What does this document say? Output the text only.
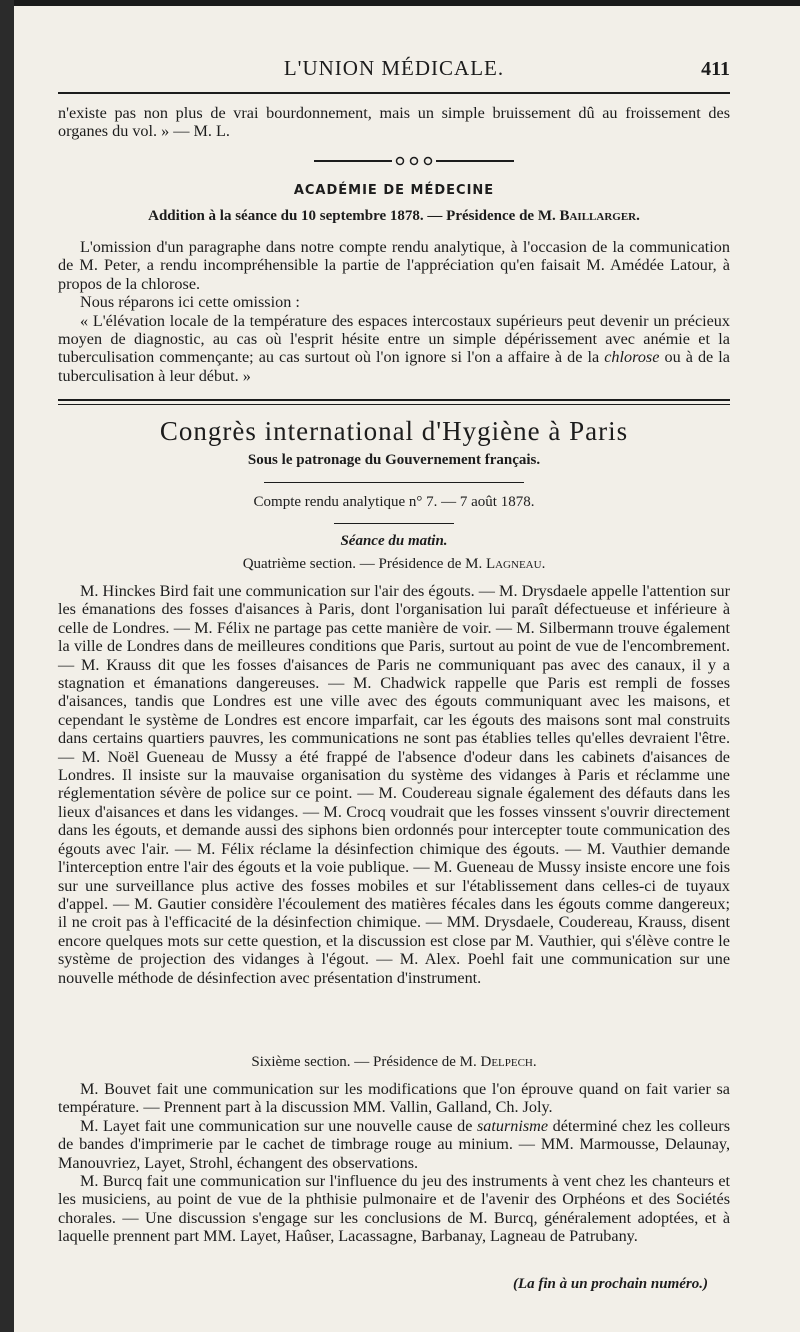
L'UNION MÉDICALE.	411

n'existe pas non plus de vrai bourdonnement, mais un simple bruissement dû au froissement des organes du vol. » — M. L.

ACADÉMIE DE MÉDECINE
Addition à la séance du 10 septembre 1878. — Présidence de M. Baillarger.

L'omission d'un paragraphe dans notre compte rendu analytique, à l'occasion de la communication de M. Peter, a rendu incompréhensible la partie de l'appréciation qu'en faisait M. Amédée Latour, à propos de la chlorose.

Nous réparons ici cette omission :

« L'élévation locale de la température des espaces intercostaux supérieurs peut devenir un précieux moyen de diagnostic, au cas où l'esprit hésite entre un simple dépérissement avec anémie et la tuberculisation commençante; au cas surtout où l'on ignore si l'on a affaire à de la chlorose ou à de la tuberculisation à leur début. »

Congrès international d'Hygiène à Paris
Sous le patronage du Gouvernement français.
Compte rendu analytique n° 7. — 7 août 1878.
Séance du matin.
Quatrième section. — Présidence de M. Lagneau.

M. Hinckes Bird fait une communication sur l'air des égouts. — M. Drysdaele appelle l'attention sur les émanations des fosses d'aisances à Paris, dont l'organisation lui paraît défectueuse et inférieure à celle de Londres. — M. Félix ne partage pas cette manière de voir. — M. Silbermann trouve également la ville de Londres dans de meilleures conditions que Paris, surtout au point de vue de l'encombrement. — M. Krauss dit que les fosses d'aisances de Paris ne communiquant pas avec des canaux, il y a stagnation et émanations dangereuses. — M. Chadwick rappelle que Paris est rempli de fosses d'aisances, tandis que Londres est une ville avec des égouts communiquant avec les maisons, et cependant le système de Londres est encore imparfait, car les égouts des maisons sont mal construits dans certains quartiers pauvres, les communications ne sont pas établies telles qu'elles devraient l'être. — M. Noël Gueneau de Mussy a été frappé de l'absence d'odeur dans les cabinets d'aisances de Londres. Il insiste sur la mauvaise organisation du système des vidanges à Paris et réclamme une réglementation sévère de police sur ce point. — M. Coudereau signale également des défauts dans les lieux d'aisances et dans les vidanges. — M. Crocq voudrait que les fosses vinssent s'ouvrir directement dans les égouts, et demande aussi des siphons bien ordonnés pour intercepter toute communication des égouts avec l'air. — M. Félix réclame la désinfection chimique des égouts. — M. Vauthier demande l'interception entre l'air des égouts et la voie publique. — M. Gueneau de Mussy insiste encore une fois sur une surveillance plus active des fosses mobiles et sur l'établissement dans celles-ci de tuyaux d'appel. — M. Gautier considère l'écoulement des matières fécales dans les égouts comme dangereux; il ne croit pas à l'efficacité de la désinfection chimique. — MM. Drysdaele, Coudereau, Krauss, disent encore quelques mots sur cette question, et la discussion est close par M. Vauthier, qui s'élève contre le système de projection des vidanges à l'égout. — M. Alex. Poehl fait une communication sur une nouvelle méthode de désinfection avec présentation d'instrument.

Sixième section. — Présidence de M. Delpech.

M. Bouvet fait une communication sur les modifications que l'on éprouve quand on fait varier sa température. — Prennent part à la discussion MM. Vallin, Galland, Ch. Joly.

M. Layet fait une communication sur une nouvelle cause de saturnisme déterminé chez les colleurs de bandes d'imprimerie par le cachet de timbrage rouge au minium. — MM. Marmousse, Delaunay, Manouvriez, Layet, Strohl, échangent des observations.

M. Burcq fait une communication sur l'influence du jeu des instruments à vent chez les chanteurs et les musiciens, au point de vue de la phthisie pulmonaire et de l'avenir des Orphéons et des Sociétés chorales. — Une discussion s'engage sur les conclusions de M. Burcq, généralement adoptées, et à laquelle prennent part MM. Layet, Haûser, Lacassagne, Barbanay, Lagneau de Patrubany.

(La fin à un prochain numéro.)
